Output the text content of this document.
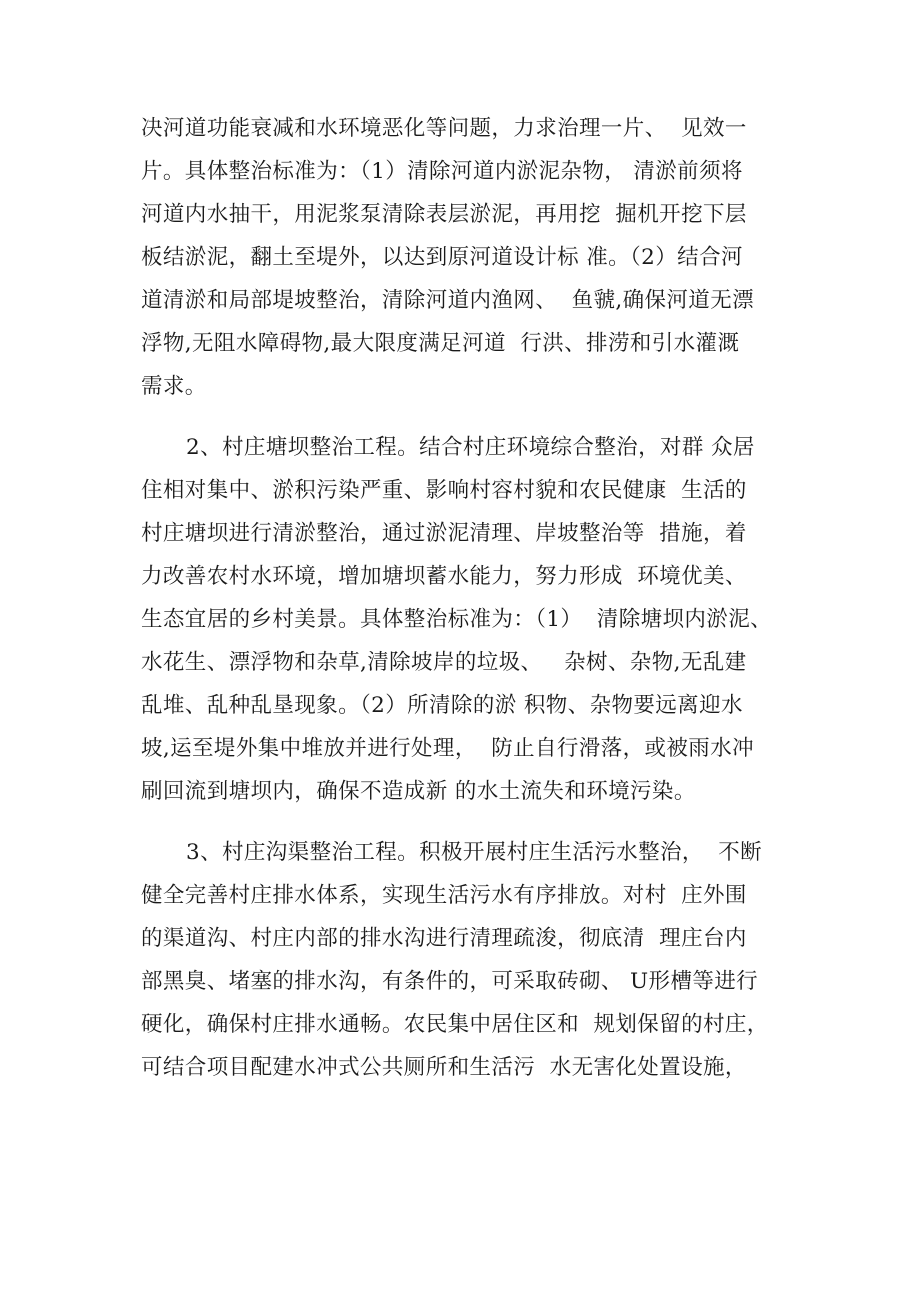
决河道功能衰减和水环境恶化等问题，力求治理一片、  见效一
片。具体整治标准为：（1）清除河道内淤泥杂物， 清淤前须将
河道内水抽干，用泥浆泵清除表层淤泥，再用挖  掘机开挖下层
板结淤泥，翻土至堤外，以达到原河道设计标 准。（2）结合河
道清淤和局部堤坡整治，清除河道内渔网、  鱼虢,确保河道无漂
浮物,无阻水障碍物,最大限度满足河道  行洪、排涝和引水灌溉
需求。
2、村庄塘坝整治工程。结合村庄环境综合整治，对群 众居
住相对集中、淤积污染严重、影响村容村貌和农民健康  生活的
村庄塘坝进行清淤整治，通过淤泥清理、岸坡整治等  措施，着
力改善农村水环境，增加塘坝蓄水能力，努力形成  环境优美、
生态宜居的乡村美景。具体整治标准为：（1）  清除塘坝内淤泥、
水花生、漂浮物和杂草,清除坡岸的垃圾、   杂树、杂物,无乱建
乱堆、乱种乱垦现象。（2）所清除的淤 积物、杂物要远离迎水
坡,运至堤外集中堆放并进行处理，  防止自行滑落，或被雨水冲
刷回流到塘坝内，确保不造成新 的水土流失和环境污染。
3、村庄沟渠整治工程。积极开展村庄生活污水整治，  不断
健全完善村庄排水体系，实现生活污水有序排放。对村  庄外围
的渠道沟、村庄内部的排水沟进行清理疏浚，彻底清  理庄台内
部黑臭、堵塞的排水沟，有条件的，可采取砖砌、 U形槽等进行
硬化，确保村庄排水通畅。农民集中居住区和  规划保留的村庄，
可结合项目配建水冲式公共厕所和生活污  水无害化处置设施，
